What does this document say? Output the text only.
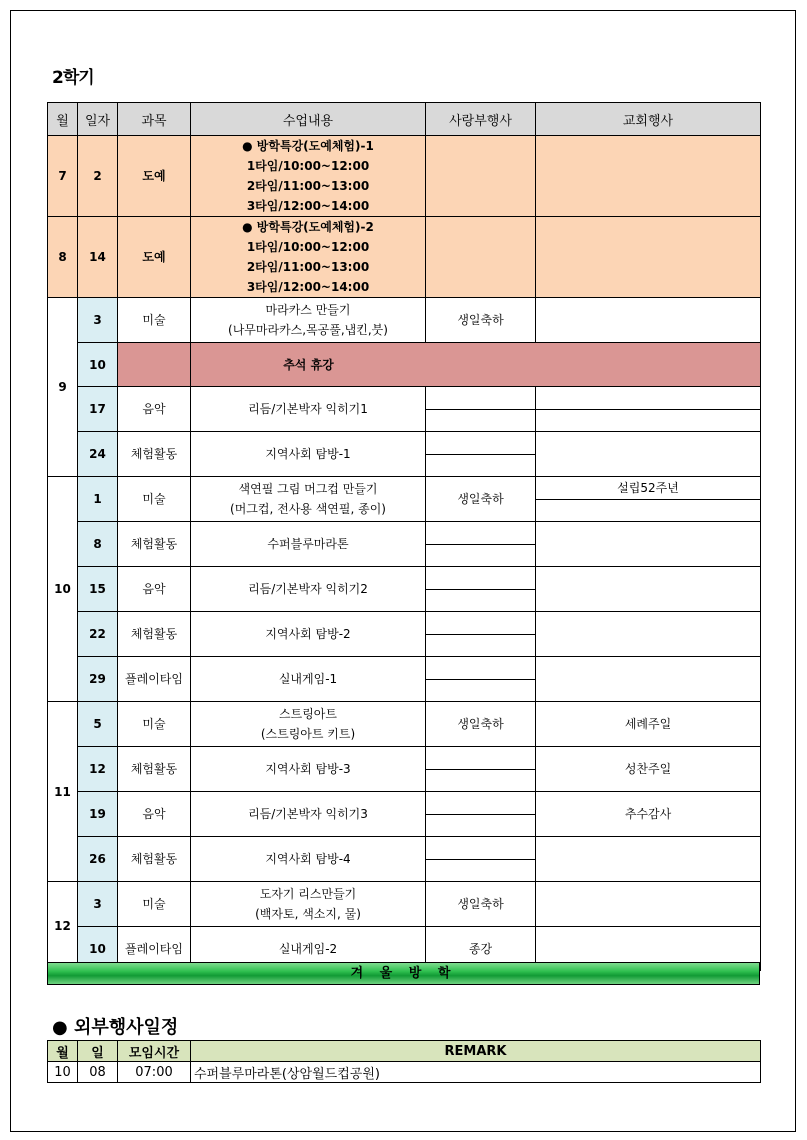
2학기
월	일자	과목	수업내용	사랑부행사	교회행사
7	2	도예	● 방학특강(도예체험)-1
1타임/10:00~12:00
2타임/11:00~13:00
3타임/12:00~14:00		

8	14	도예	● 방학특강(도예체험)-2
1타임/10:00~12:00
2타임/11:00~13:00
3타임/12:00~14:00		

9	3	미술	마라카스 만들기
(나무마라카스,목공풀,냅킨,붓)	생일축하	
	10		추석 휴강		

	17	음악	리듬/기본박자 익히기1	

	24	체험활동	지역사회 탐방-1	

10	1	미술	색연필 그림 머그컵 만들기
(머그컵, 전사용 색연필, 종이)	생일축하	설립52주년

	8	체험활동	수퍼블루마라톤	

	15	음악	리듬/기본박자 익히기2	

	22	체험활동	지역사회 탐방-2	

	29	플레이타임	실내게임-1	

11	5	미술	스트링아트
(스트링아트 키트)	생일축하	세례주일
	12	체험활동	지역사회 탐방-3		성찬주일
	19	음악	리듬/기본박자 익히기3		추수감사
	26	체험활동	지역사회 탐방-4	

12	3	미술	도자기 리스만들기
(백자토, 색소지, 물)	생일축하	
	10	플레이타임	실내게임-2	종강	
겨 울 방 학
● 외부행사일정
월	일	모임시간	REMARK
10	08	07:00	수퍼블루마라톤(상암월드컵공원)
